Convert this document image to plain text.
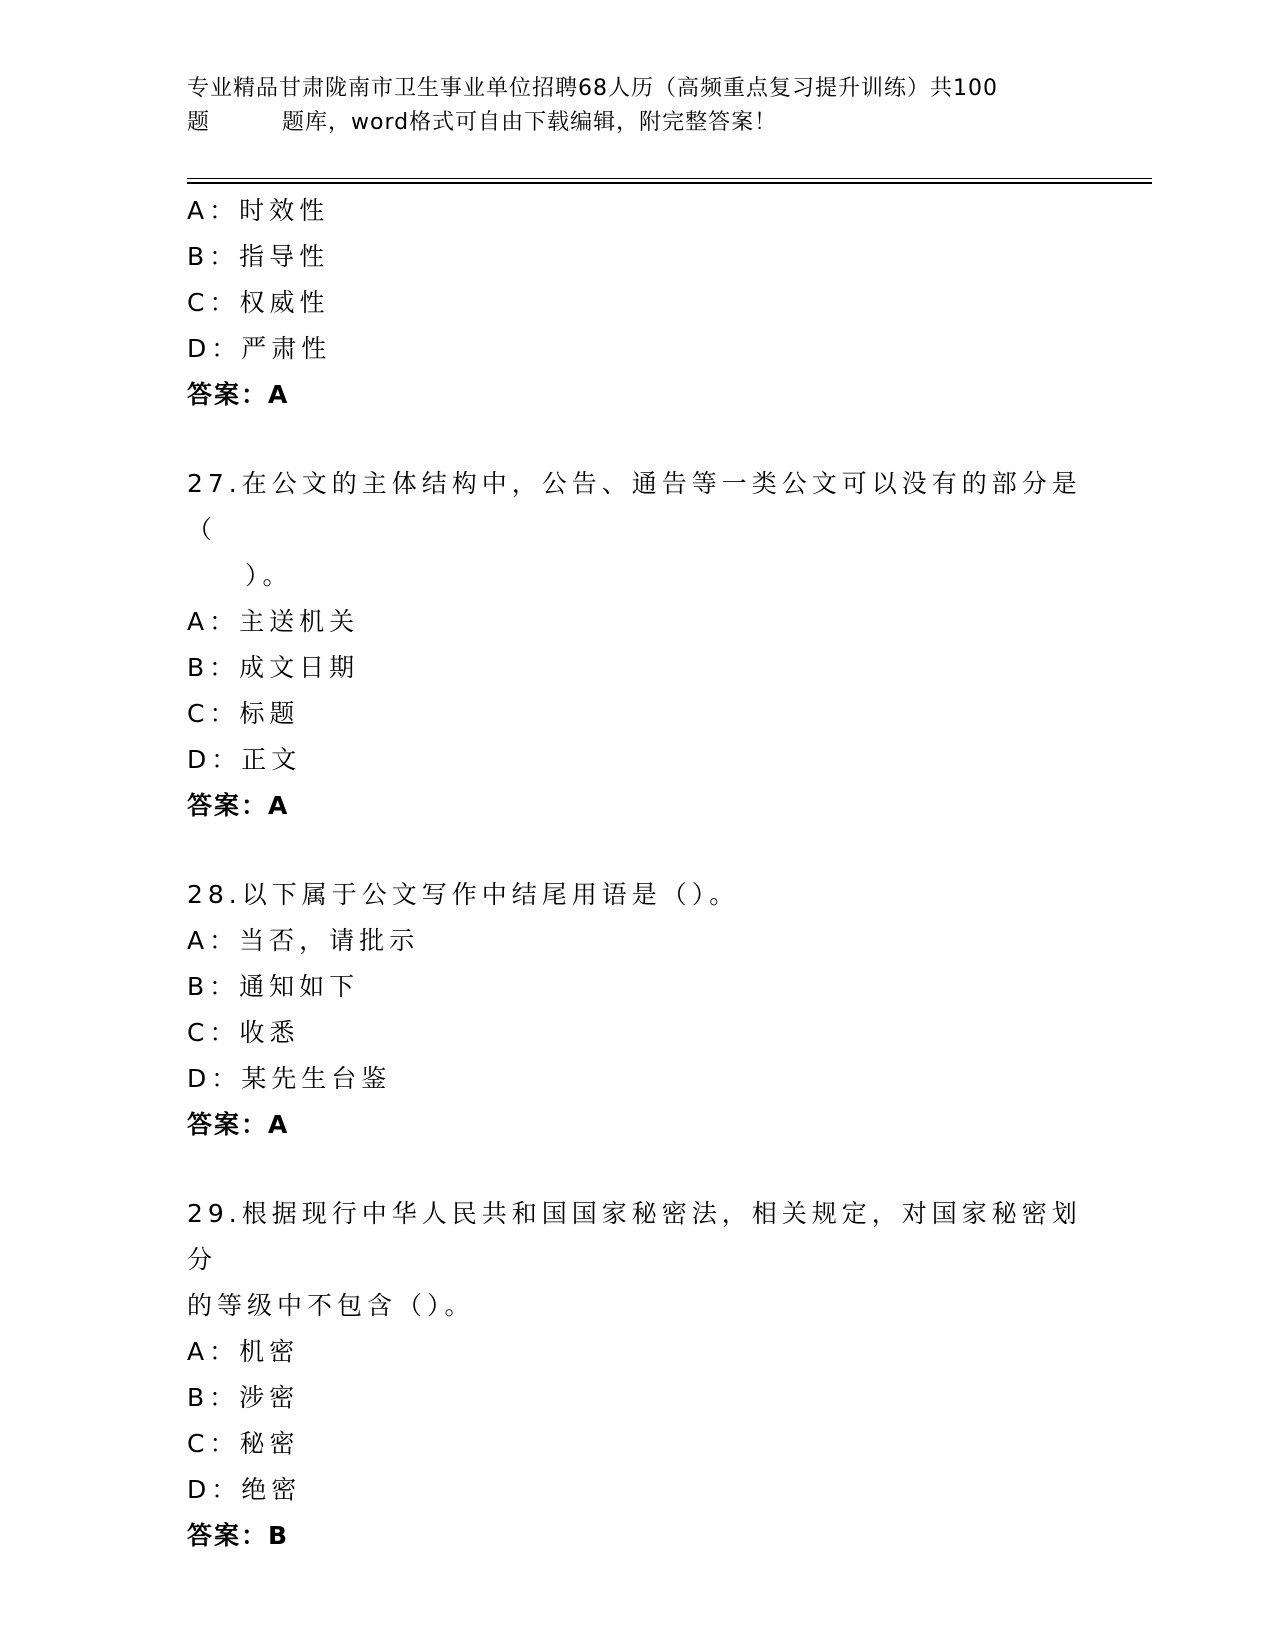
专业精品甘肃陇南市卫生事业单位招聘68人历（高频重点复习提升训练）共100
题	题库，word格式可自由下载编辑，附完整答案！
A：时效性
B：指导性
C：权威性
D：严肃性
答案：A
27.在公文的主体结构中，公告、通告等一类公文可以没有的部分是（
）。
A：主送机关
B：成文日期
C：标题
D：正文
答案：A
28.以下属于公文写作中结尾用语是（）。
A：当否，请批示
B：通知如下
C：收悉
D：某先生台鉴
答案：A
29.根据现行中华人民共和国国家秘密法，相关规定，对国家秘密划分
的等级中不包含（）。
A：机密
B：涉密
C：秘密
D：绝密
答案：B
